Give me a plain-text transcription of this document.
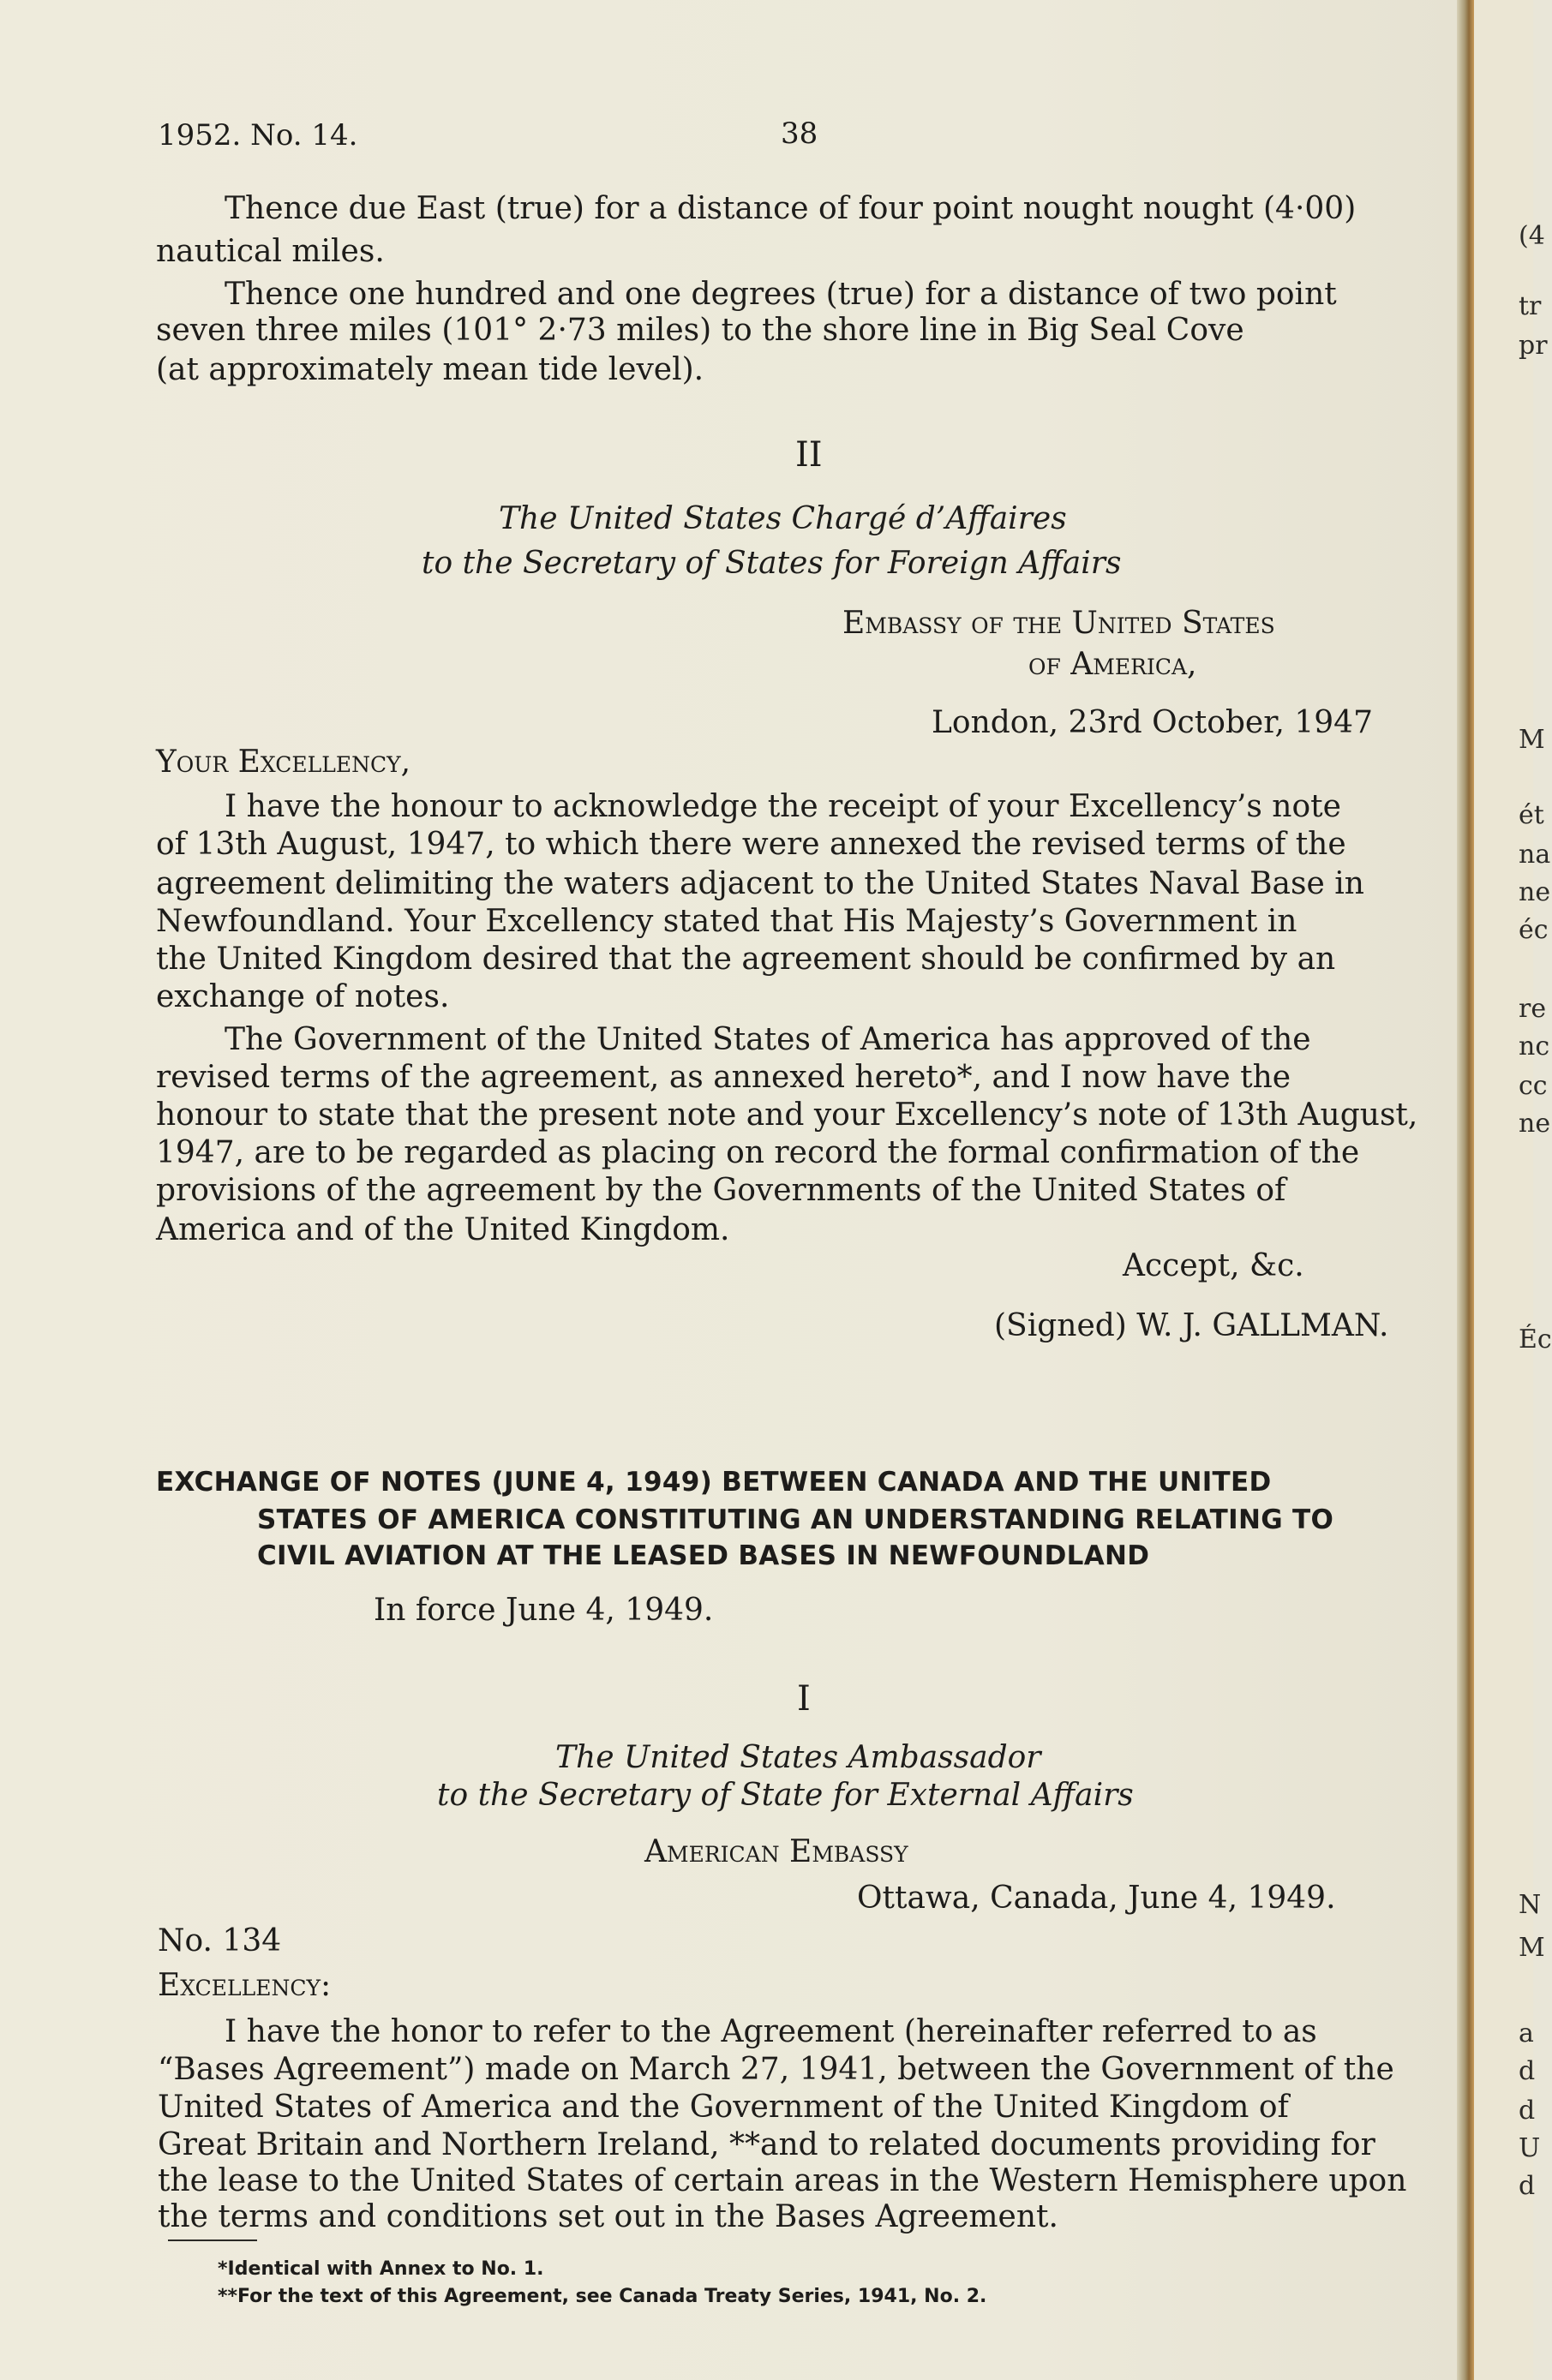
1952. No. 14.	38
Thence due East (true) for a distance of four point nought nought (4·00)
nautical miles.
Thence one hundred and one degrees (true) for a distance of two point
seven three miles (101° 2·73 miles) to the shore line in Big Seal Cove
(at approximately mean tide level).
II
The United States Chargé d’Affaires
to the Secretary of States for Foreign Affairs
Embassy of the United States
of America,
London, 23rd October, 1947
Your Excellency,
I have the honour to acknowledge the receipt of your Excellency’s note
of 13th August, 1947, to which there were annexed the revised terms of the
agreement delimiting the waters adjacent to the United States Naval Base in
Newfoundland. Your Excellency stated that His Majesty’s Government in
the United Kingdom desired that the agreement should be confirmed by an
exchange of notes.
The Government of the United States of America has approved of the
revised terms of the agreement, as annexed hereto*, and I now have the
honour to state that the present note and your Excellency’s note of 13th August,
1947, are to be regarded as placing on record the formal confirmation of the
provisions of the agreement by the Governments of the United States of
America and of the United Kingdom.
Accept, &c.
(Signed) W. J. GALLMAN.
EXCHANGE OF NOTES (JUNE 4, 1949) BETWEEN CANADA AND THE UNITED
STATES OF AMERICA CONSTITUTING AN UNDERSTANDING RELATING TO
CIVIL AVIATION AT THE LEASED BASES IN NEWFOUNDLAND
In force June 4, 1949.
I
The United States Ambassador
to the Secretary of State for External Affairs
American Embassy
Ottawa, Canada, June 4, 1949.
No. 134
Excellency:
I have the honor to refer to the Agreement (hereinafter referred to as
“Bases Agreement”) made on March 27, 1941, between the Government of the
United States of America and the Government of the United Kingdom of
Great Britain and Northern Ireland, **and to related documents providing for
the lease to the United States of certain areas in the Western Hemisphere upon
the terms and conditions set out in the Bases Agreement.
*Identical with Annex to No. 1.
**For the text of this Agreement, see Canada Treaty Series, 1941, No. 2.
(4
tr
pr
M
ét
na
ne
éc
re
nc
cc
ne
Éc
N
M
a
d
d
U
d
